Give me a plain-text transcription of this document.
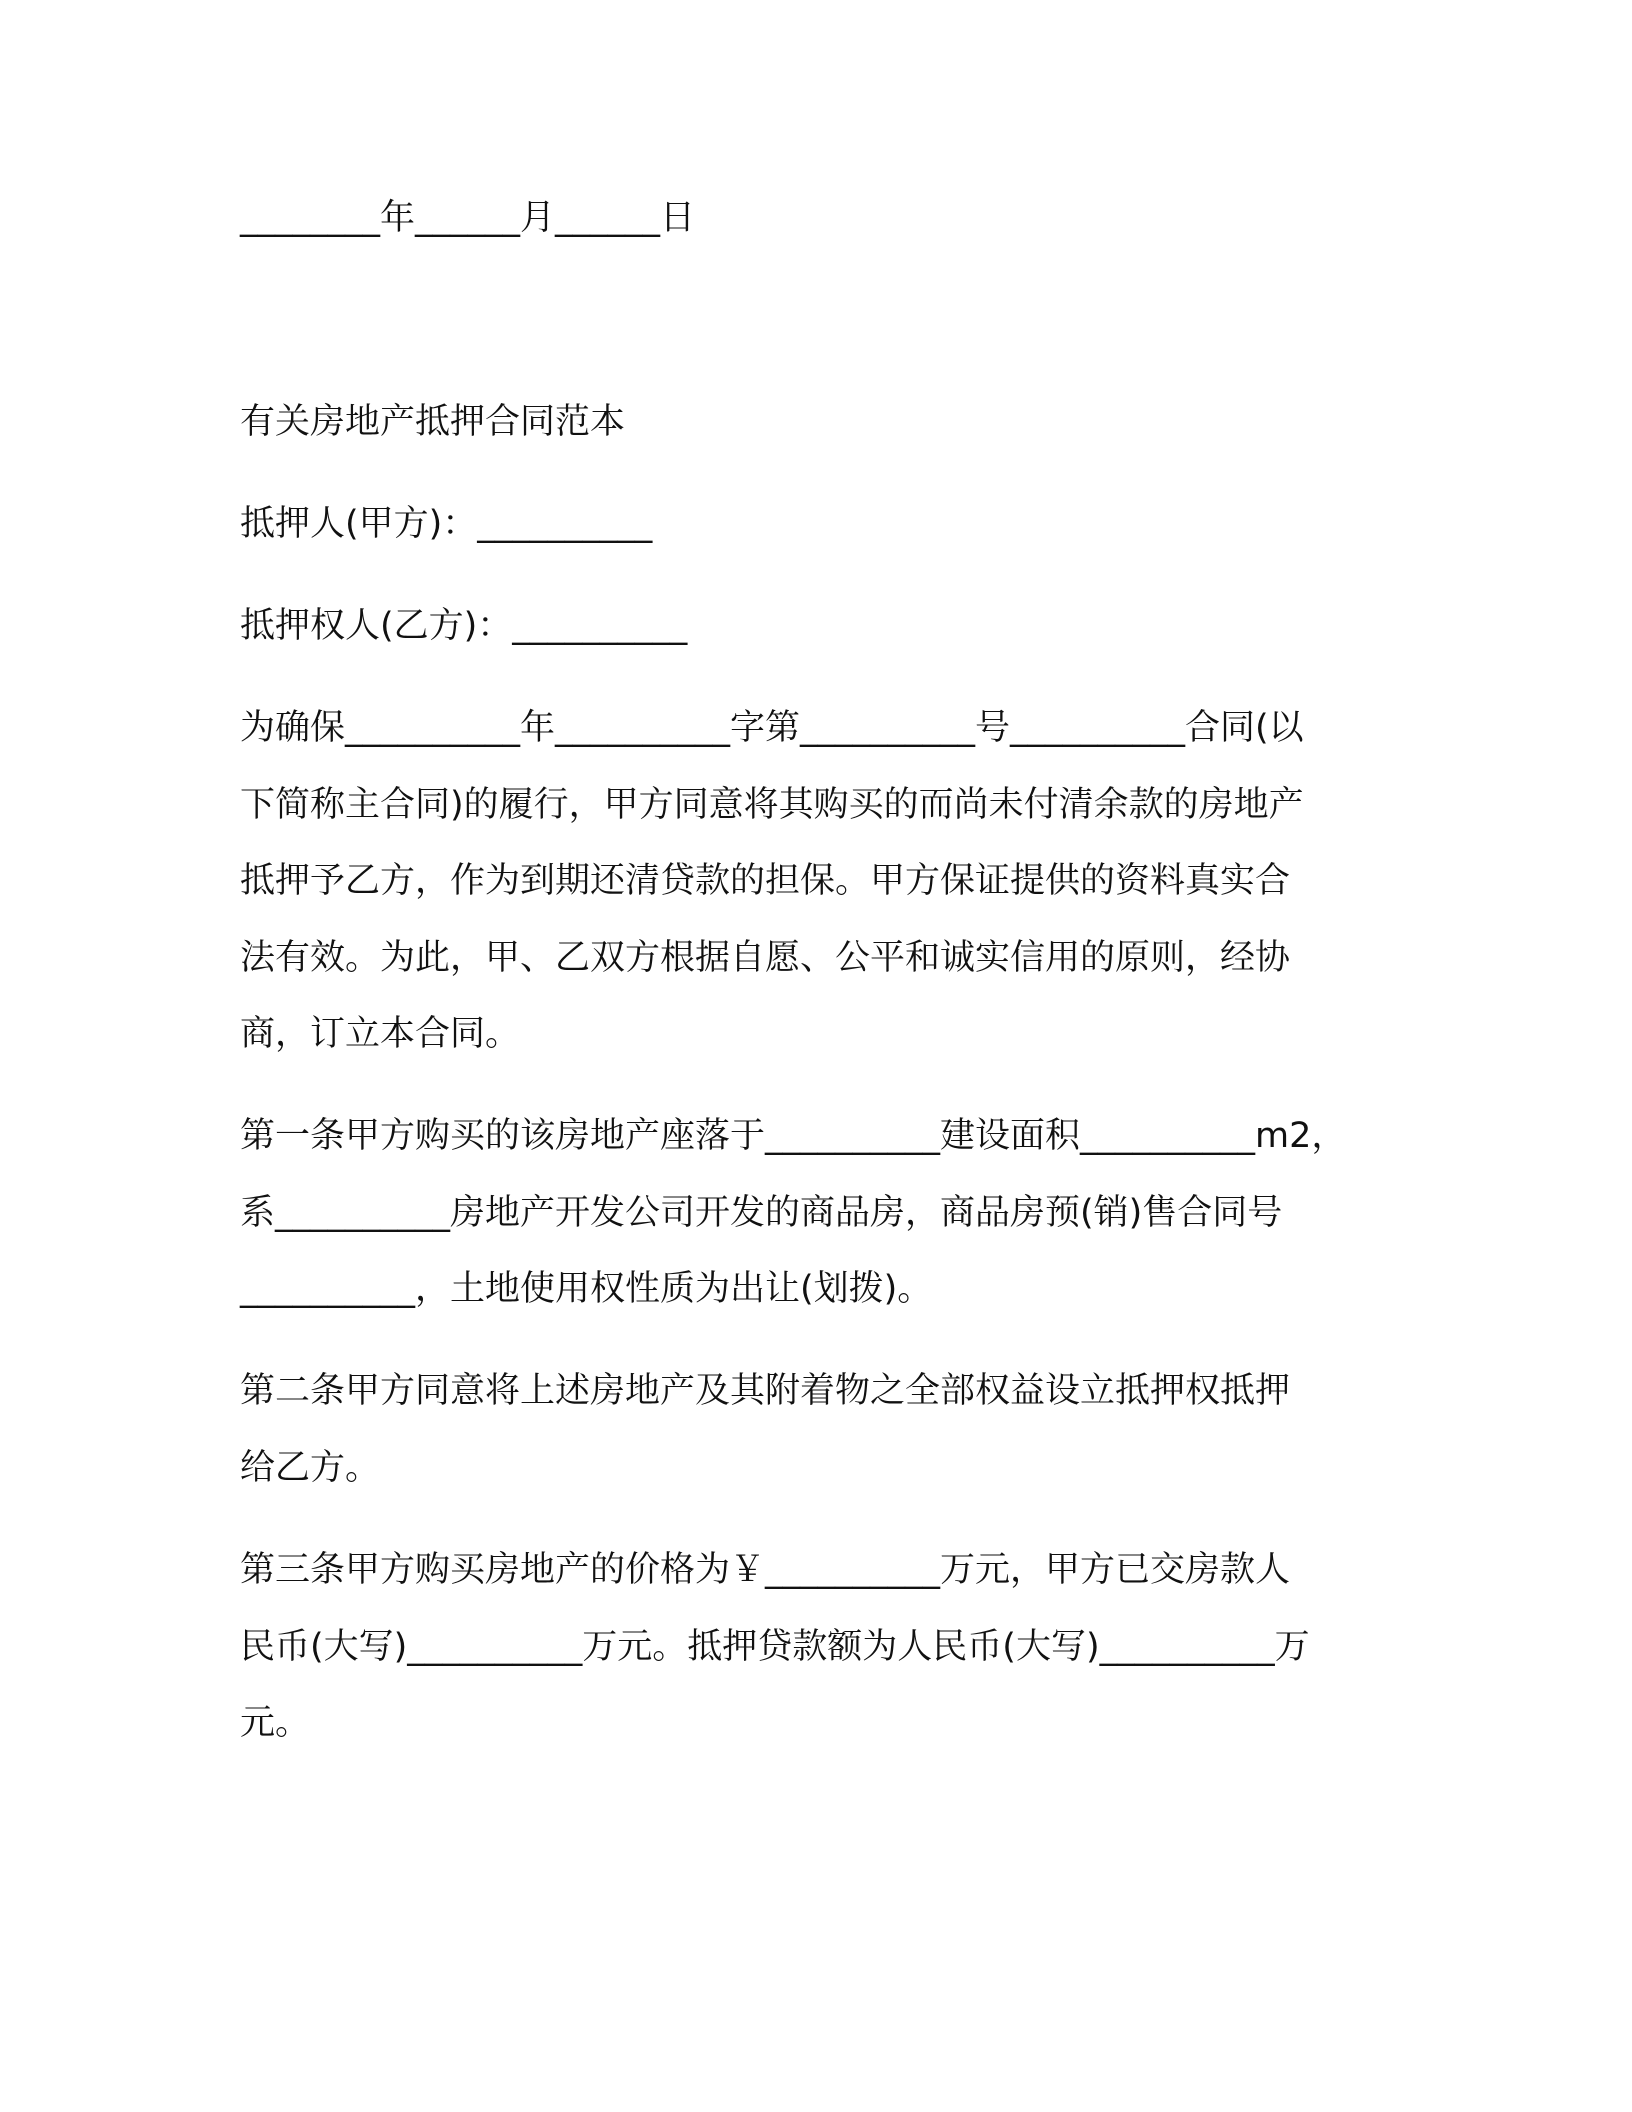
________年______月______日
有关房地产抵押合同范本
抵押人(甲方)：__________
抵押权人(乙方)：__________
为确保__________年__________字第__________号__________合同(以
下简称主合同)的履行，甲方同意将其购买的而尚未付清余款的房地产
抵押予乙方，作为到期还清贷款的担保。甲方保证提供的资料真实合
法有效。为此，甲、乙双方根据自愿、公平和诚实信用的原则，经协
商，订立本合同。
第一条甲方购买的该房地产座落于__________建设面积__________m2，
系__________房地产开发公司开发的商品房，商品房预(销)售合同号
__________，土地使用权性质为出让(划拨)。
第二条甲方同意将上述房地产及其附着物之全部权益设立抵押权抵押
给乙方。
第三条甲方购买房地产的价格为￥__________万元，甲方已交房款人
民币(大写)__________万元。抵押贷款额为人民币(大写)__________万
元。
